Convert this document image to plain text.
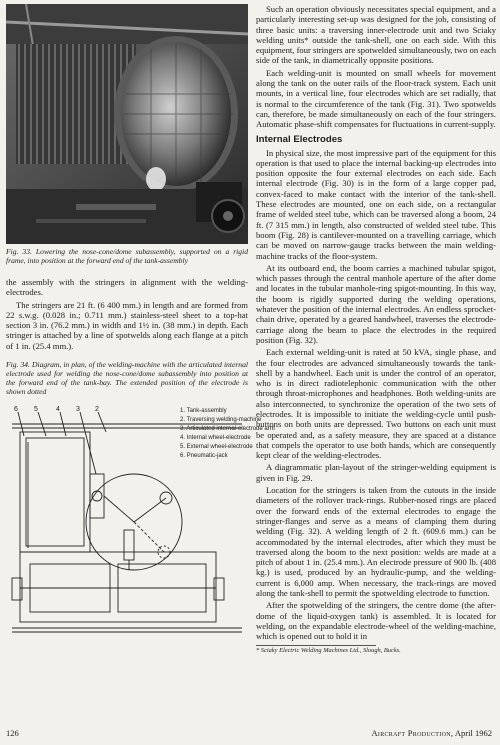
Fig. 33. Lowering the nose-cone/dome subassembly, supported on a rigid frame, into position at the forward end of the tank-assembly

the assembly with the stringers in alignment with the welding-electrodes.

The stringers are 21 ft. (6 400 mm.) in length and are formed from 22 s.w.g. (0.028 in.; 0.711 mm.) stainless-steel sheet to a top-hat section 3 in. (76.2 mm.) in width and 1½ in. (38 mm.) in depth. Each stringer is attached by a line of spotwelds along each flange at a pitch of 1 in. (25.4 mm.).

Fig. 34. Diagram, in plan, of the welding-machine with the articulated internal electrode used for welding the nose-cone/dome subassembly into position at the forward end of the tank-bay. The extended position of the electrode is shown dotted

6 5	4 3 2	1. Tank-assembly
2. Traversing welding-machine
3. Articulated internal-electrode arm
4. Internal wheel-electrode
5. External wheel-electrode
6. Pneumatic-jack

Such an operation obviously necessitates special equipment, and a particularly interesting set-up was designed for the job, consisting of three basic units: a traversing inner-electrode unit and two Sciaky welding units* outside the tank-shell, one on each side. With this equipment, four stringers are spotwelded simultaneously, two on each side of the tank, in diametrically opposite positions.

Each welding-unit is mounted on small wheels for movement along the tank on the outer rails of the floor-track system. Each unit mounts, in a vertical line, four electrodes which are set radially, that is normal to the circumference of the tank (Fig. 31). Two spotwelds can, therefore, be made simultaneously on each of the four stringers. Automatic phase-shift compensates for fluctuations in current-supply.

Internal Electrodes

In physical size, the most impressive part of the equipment for this operation is that used to place the internal backing-up electrodes into position opposite the four external electrodes on each side. Each internal electrode (Fig. 30) is in the form of a large copper pad, convex-faced to make contact with the interior of the tank-shell. These electrodes are mounted, one on each side, on a rectangular frame of welded steel tube, which can be traversed along a boom, 24 ft. (7 315 mm.) in length, also constructed of welded steel tube. This boom (Fig. 28) is cantilever-mounted on a travelling carriage, which can be moved on narrow-gauge tracks between the main welding-machine tracks of the floor-system.

At its outboard end, the boom carries a machined tubular spigot, which passes through the central manhole aperture of the after dome and locates in the tubular manhole-ring spigot-mounting. In this way, the boom is rigidly supported during the welding operations, whatever the position of the internal electrodes. An endless sprocket-chain drive, operated by a geared handwheel, traverses the electrode-carriage along the beam to place the electrodes in the required position (Fig. 32).

Each external welding-unit is rated at 50 kVA, single phase, and the four electrodes are advanced simultaneously towards the tank-shell by a handwheel. Each unit is under the control of an operator, who is in direct radiotelephonic communication with the other through throat-microphones and headphones. Both welding-units are also interconnected, to synchronize the operation of the two sets of electrodes. It is impossible to initiate the welding-cycle until push-buttons on both units are depressed. Two buttons on each unit must be operated and, as a safety measure, they are spaced at a distance that compels the operator to use both hands, which are consequently kept clear of the welding-electrodes.

A diagrammatic plan-layout of the stringer-welding equipment is given in Fig. 29.

Location for the stringers is taken from the cutouts in the inside diameters of the rollover track-rings. Rubber-nosed rings are placed over the forward ends of the external electrodes to engage the stringer-flanges and serve as a means of clamping them during welding (Fig. 32). A welding length of 2 ft. (609.6 mm.) can be accommodated by the internal electrodes, after which they must be traversed along the boom to the next position: welds are made at a pitch of about 1 in. (25.4 mm.). An electrode pressure of 900 lb. (408 kg.) is used, produced by an hydraulic-pump, and the welding-current is 6,000 amp. When necessary, the track-rings are moved along the tank-shell to permit the spotwelding electrode to function.

After the spotwelding of the stringers, the centre dome (the after-dome of the liquid-oxygen tank) is assembled. It is located for welding, on the expandable electrode-wheel of the welding-machine, which is opened out to hold it in

* Sciaky Electric Welding Machines Ltd., Slough, Bucks.

126	Aircraft Production, April 1962
